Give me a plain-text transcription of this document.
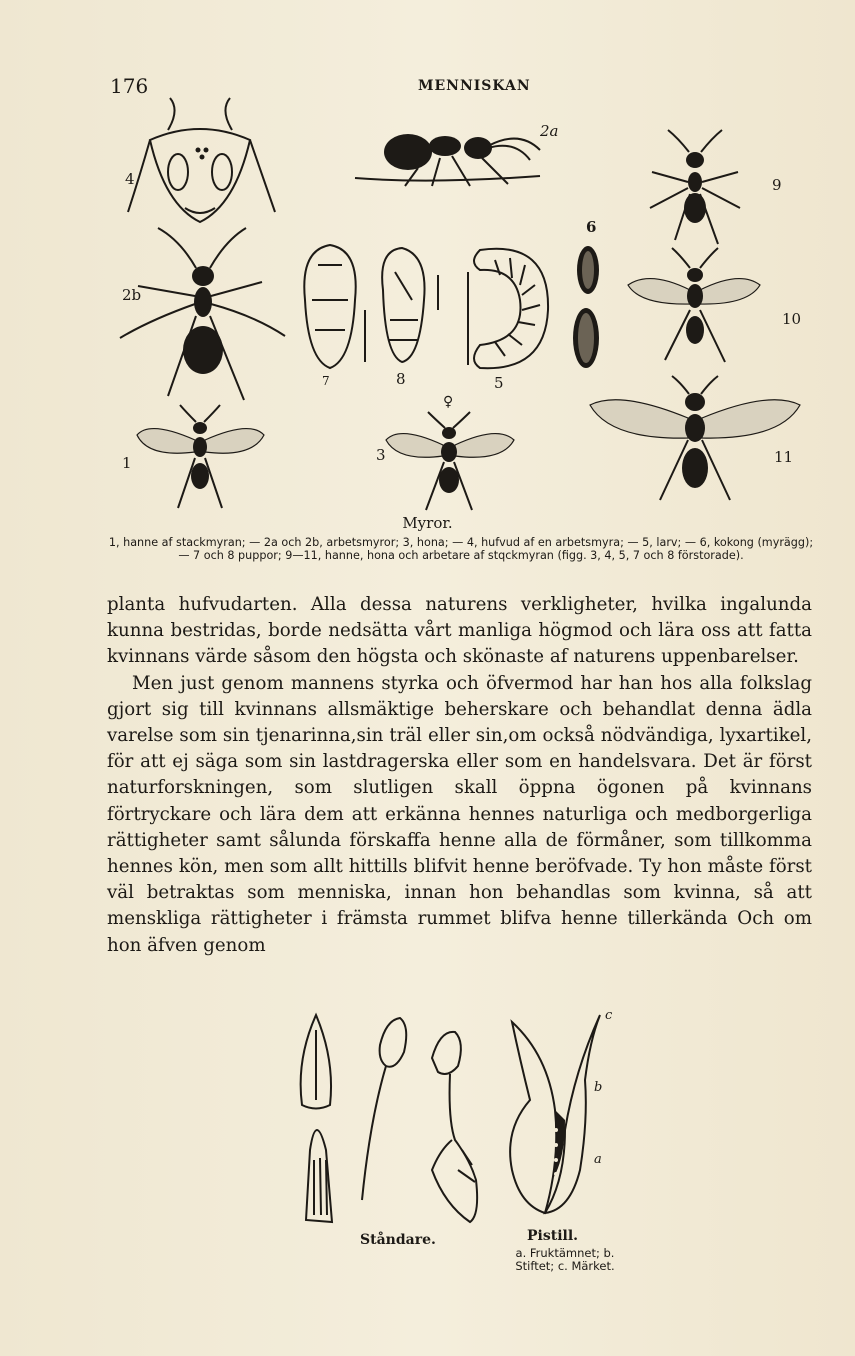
176	MENNISKAN
4
2a
6
9
2b
10
7	8	5
♀
1	3	11
Myror.
1, hanne af stackmyran; — 2a och 2b, arbetsmyror; 3, hona; — 4, hufvud af en arbetsmyra; — 5, larv; — 6, kokong (myrägg); — 7 och 8 puppor; 9—11, hanne, hona och arbetare af stqckmyran (figg. 3, 4, 5, 7 och 8 förstorade).

planta hufvudarten. Alla dessa naturens verkligheter, hvilka ingalunda kunna bestridas, borde nedsätta vårt manliga högmod och lära oss att fatta kvinnans värde såsom den högsta och skönaste af naturens uppenbarelser.

Men just genom mannens styrka och öfvermod har han hos alla folkslag gjort sig till kvinnans allsmäktige beherskare och behandlat denna ädla varelse som sin tjenarinna,sin träl eller sin,om också nödvändiga, lyxartikel, för att ej säga som sin lastdragerska eller som en handelsvara. Det är först naturforskningen, som slutligen skall öppna ögonen på kvinnans förtryckare och lära dem att erkänna hennes naturliga och medborgerliga rättigheter samt sålunda förskaffa henne alla de förmåner, som tillkomma hennes kön, men som allt hittills blifvit henne beröfvade. Ty hon måste först väl betraktas som menniska, innan hon behandlas som kvinna, så att menskliga rättigheter i främsta rummet blifva henne tillerkända Och om hon äfven genom

c
b
a
Ståndare.	Pistill.
a. Fruktämnet; b.
Stiftet; c. Märket.
